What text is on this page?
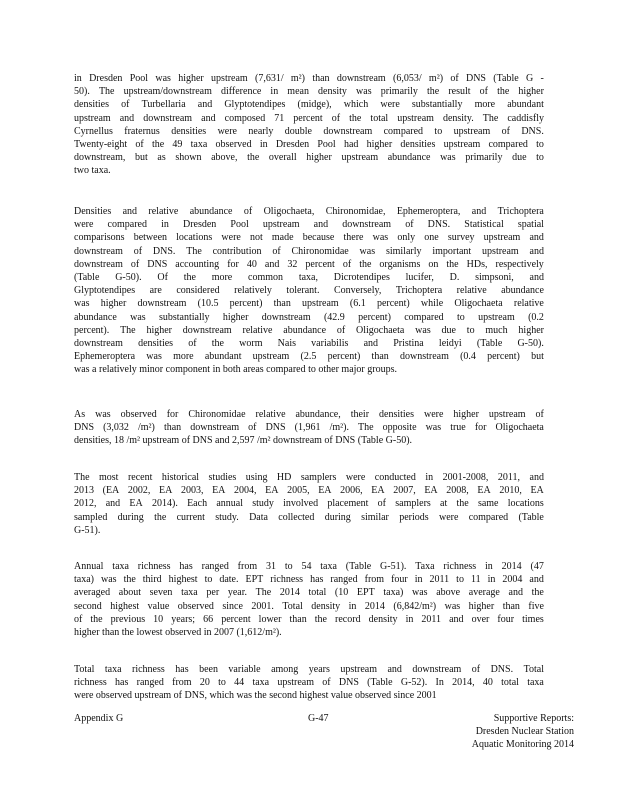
in Dresden Pool was higher upstream (7,631/ m²) than downstream (6,053/ m²) of DNS (Table G -
50). The upstream/downstream difference in mean density was primarily the result of the higher
densities of Turbellaria and Glyptotendipes (midge), which were substantially more abundant
upstream and downstream and composed 71 percent of the total upstream density. The caddisfly
Cyrnellus fraternus densities were nearly double downstream compared to upstream of DNS.
Twenty-eight of the 49 taxa observed in Dresden Pool had higher densities upstream compared to
downstream, but as shown above, the overall higher upstream abundance was primarily due to
two taxa.
Densities and relative abundance of Oligochaeta, Chironomidae, Ephemeroptera, and Trichoptera
were compared in Dresden Pool upstream and downstream of DNS. Statistical spatial
comparisons between locations were not made because there was only one survey upstream and
downstream of DNS. The contribution of Chironomidae was similarly important upstream and
downstream of DNS accounting for 40 and 32 percent of the organisms on the HDs, respectively
(Table G-50). Of the more common taxa, Dicrotendipes lucifer, D. simpsoni, and
Glyptotendipes are considered relatively tolerant. Conversely, Trichoptera relative abundance
was higher downstream (10.5 percent) than upstream (6.1 percent) while Oligochaeta relative
abundance was substantially higher downstream (42.9 percent) compared to upstream (0.2
percent). The higher downstream relative abundance of Oligochaeta was due to much higher
downstream densities of the worm Nais variabilis and Pristina leidyi (Table G-50).
Ephemeroptera was more abundant upstream (2.5 percent) than downstream (0.4 percent) but
was a relatively minor component in both areas compared to other major groups.
As was observed for Chironomidae relative abundance, their densities were higher upstream of
DNS (3,032 /m²) than downstream of DNS (1,961 /m²). The opposite was true for Oligochaeta
densities, 18 /m² upstream of DNS and 2,597 /m² downstream of DNS (Table G-50).
The most recent historical studies using HD samplers were conducted in 2001-2008, 2011, and
2013 (EA 2002, EA 2003, EA 2004, EA 2005, EA 2006, EA 2007, EA 2008, EA 2010, EA
2012, and EA 2014). Each annual study involved placement of samplers at the same locations
sampled during the current study. Data collected during similar periods were compared (Table
G-51).
Annual taxa richness has ranged from 31 to 54 taxa (Table G-51). Taxa richness in 2014 (47
taxa) was the third highest to date. EPT richness has ranged from four in 2011 to 11 in 2004 and
averaged about seven taxa per year. The 2014 total (10 EPT taxa) was above average and the
second highest value observed since 2001. Total density in 2014 (6,842/m²) was higher than five
of the previous 10 years; 66 percent lower than the record density in 2011 and over four times
higher than the lowest observed in 2007 (1,612/m²).
Total taxa richness has been variable among years upstream and downstream of DNS. Total
richness has ranged from 20 to 44 taxa upstream of DNS (Table G-52). In 2014, 40 total taxa
were observed upstream of DNS, which was the second highest value observed since 2001
Appendix G	G-47	Supportive Reports:
Dresden Nuclear Station
Aquatic Monitoring 2014
